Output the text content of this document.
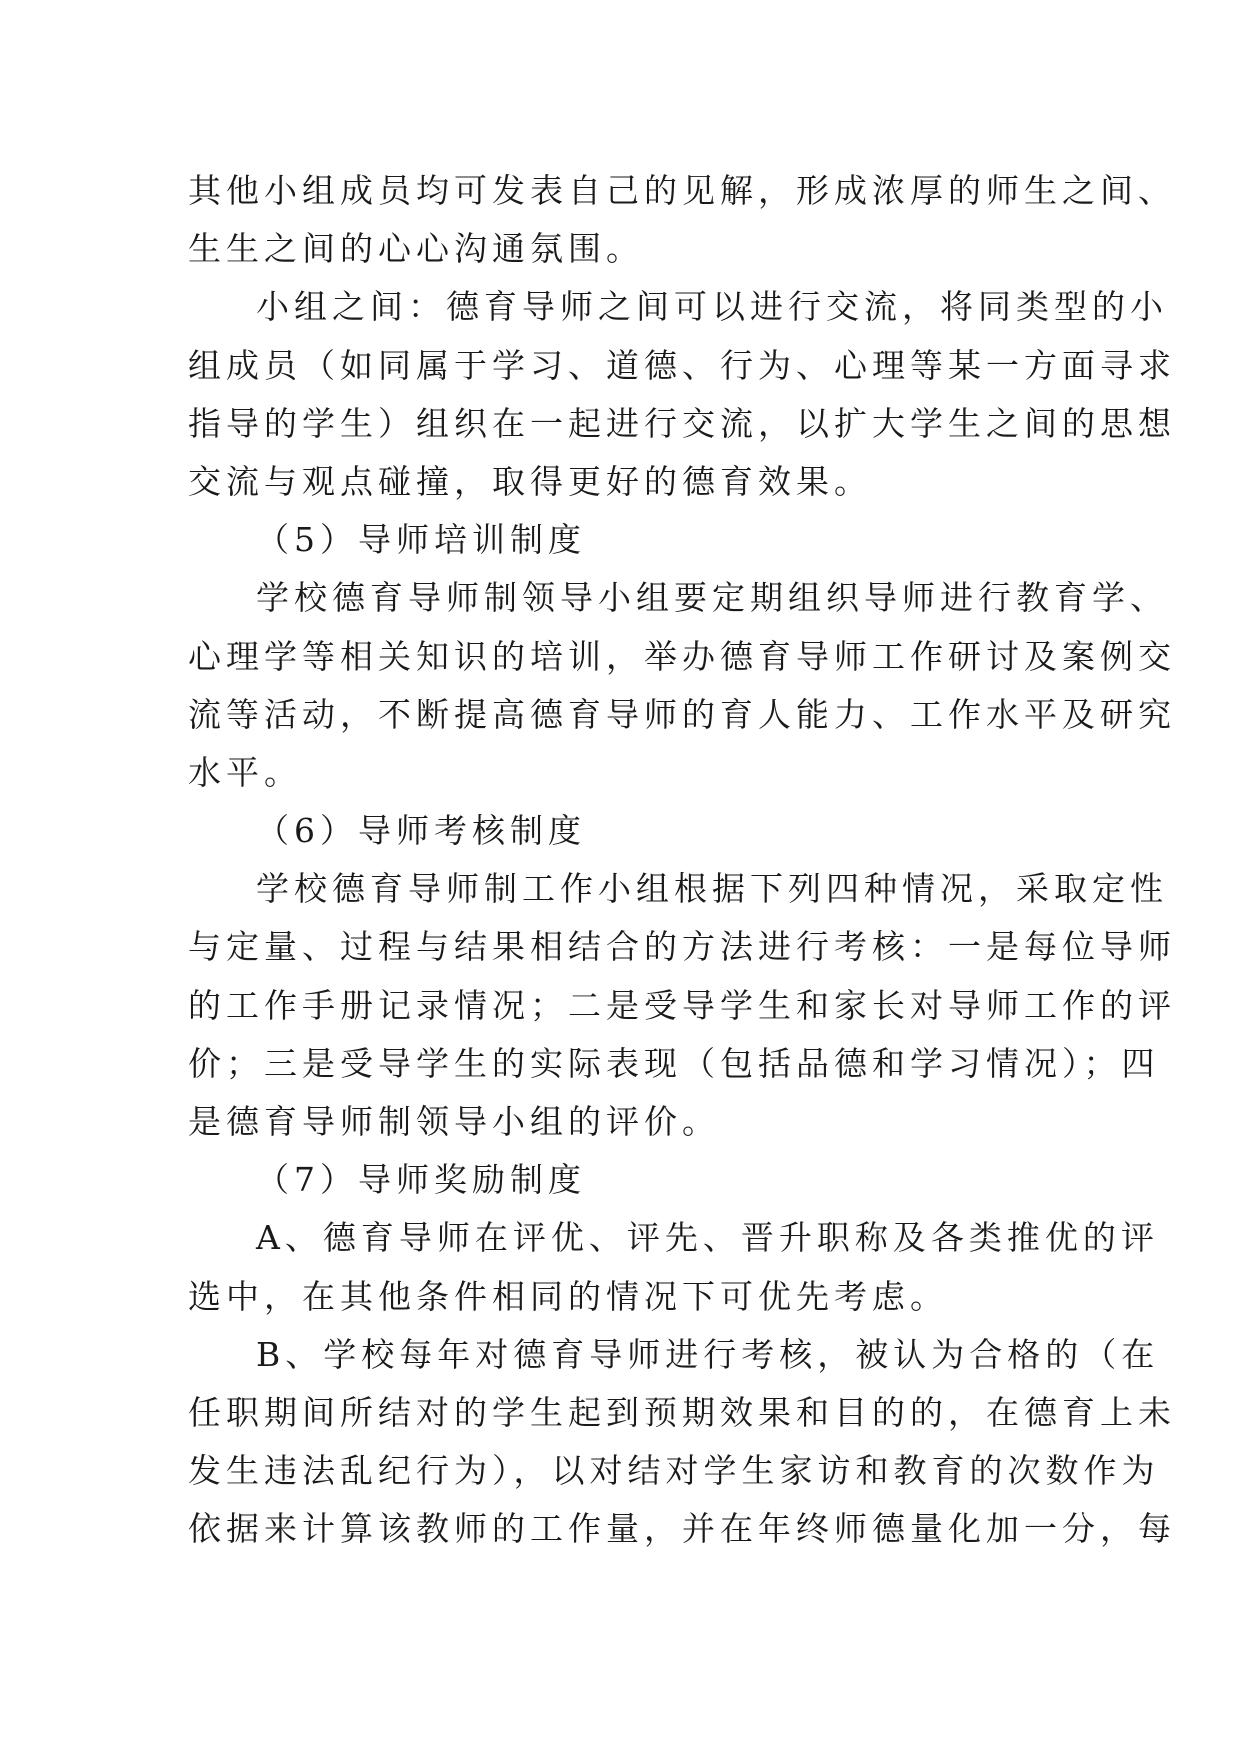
其他小组成员均可发表自己的见解，形成浓厚的师生之间、
生生之间的心心沟通氛围。
小组之间：德育导师之间可以进行交流，将同类型的小
组成员（如同属于学习、道德、行为、心理等某一方面寻求
指导的学生）组织在一起进行交流，以扩大学生之间的思想
交流与观点碰撞，取得更好的德育效果。
（5）导师培训制度
学校德育导师制领导小组要定期组织导师进行教育学、
心理学等相关知识的培训，举办德育导师工作研讨及案例交
流等活动，不断提高德育导师的育人能力、工作水平及研究
水平。
（6）导师考核制度
学校德育导师制工作小组根据下列四种情况，采取定性
与定量、过程与结果相结合的方法进行考核：一是每位导师
的工作手册记录情况；二是受导学生和家长对导师工作的评
价；三是受导学生的实际表现（包括品德和学习情况）；四
是德育导师制领导小组的评价。
（7）导师奖励制度
A、德育导师在评优、评先、晋升职称及各类推优的评
选中，在其他条件相同的情况下可优先考虑。
B、学校每年对德育导师进行考核，被认为合格的（在
任职期间所结对的学生起到预期效果和目的的，在德育上未
发生违法乱纪行为），以对结对学生家访和教育的次数作为
依据来计算该教师的工作量，并在年终师德量化加一分，每
